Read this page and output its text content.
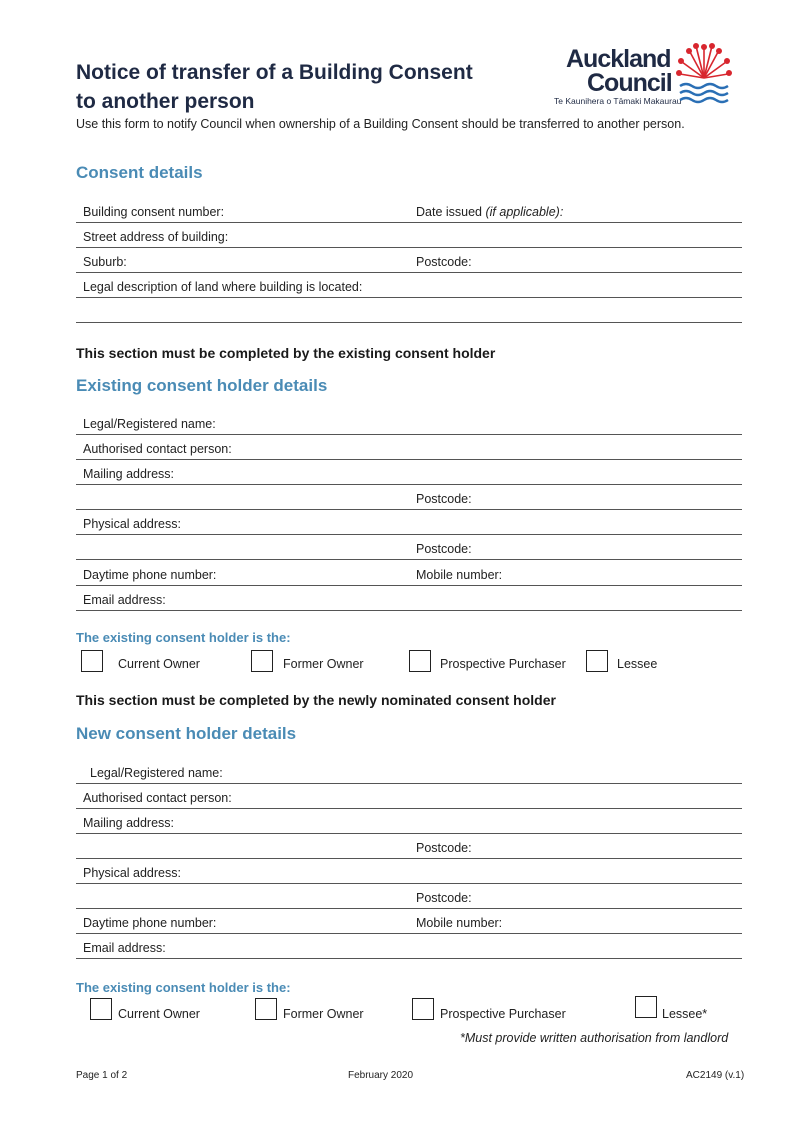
Notice of transfer of a Building Consent
to another person
Use this form to notify Council when ownership of a Building Consent should be transferred to another person.
Auckland
Council
Te Kaunihera o Tāmaki Makaurau
Consent details
Building consent number:	Date issued (if applicable):
Street address of building:
Suburb:	Postcode:
Legal description of land where building is located:
This section must be completed by the existing consent holder
Existing consent holder details
Legal/Registered name:
Authorised contact person:
Mailing address:
Postcode:
Physical address:
Postcode:
Daytime phone number:	Mobile number:
Email address:
The existing consent holder is the:
Current Owner	Former Owner	Prospective Purchaser	Lessee
This section must be completed by the newly nominated consent holder
New consent holder details
Legal/Registered name:
Authorised contact person:
Mailing address:
Postcode:
Physical address:
Postcode:
Daytime phone number:	Mobile number:
Email address:
The existing consent holder is the:
Current Owner	Former Owner	Prospective Purchaser	Lessee*
*Must provide written authorisation from landlord
Page 1 of 2	February 2020	AC2149 (v.1)
